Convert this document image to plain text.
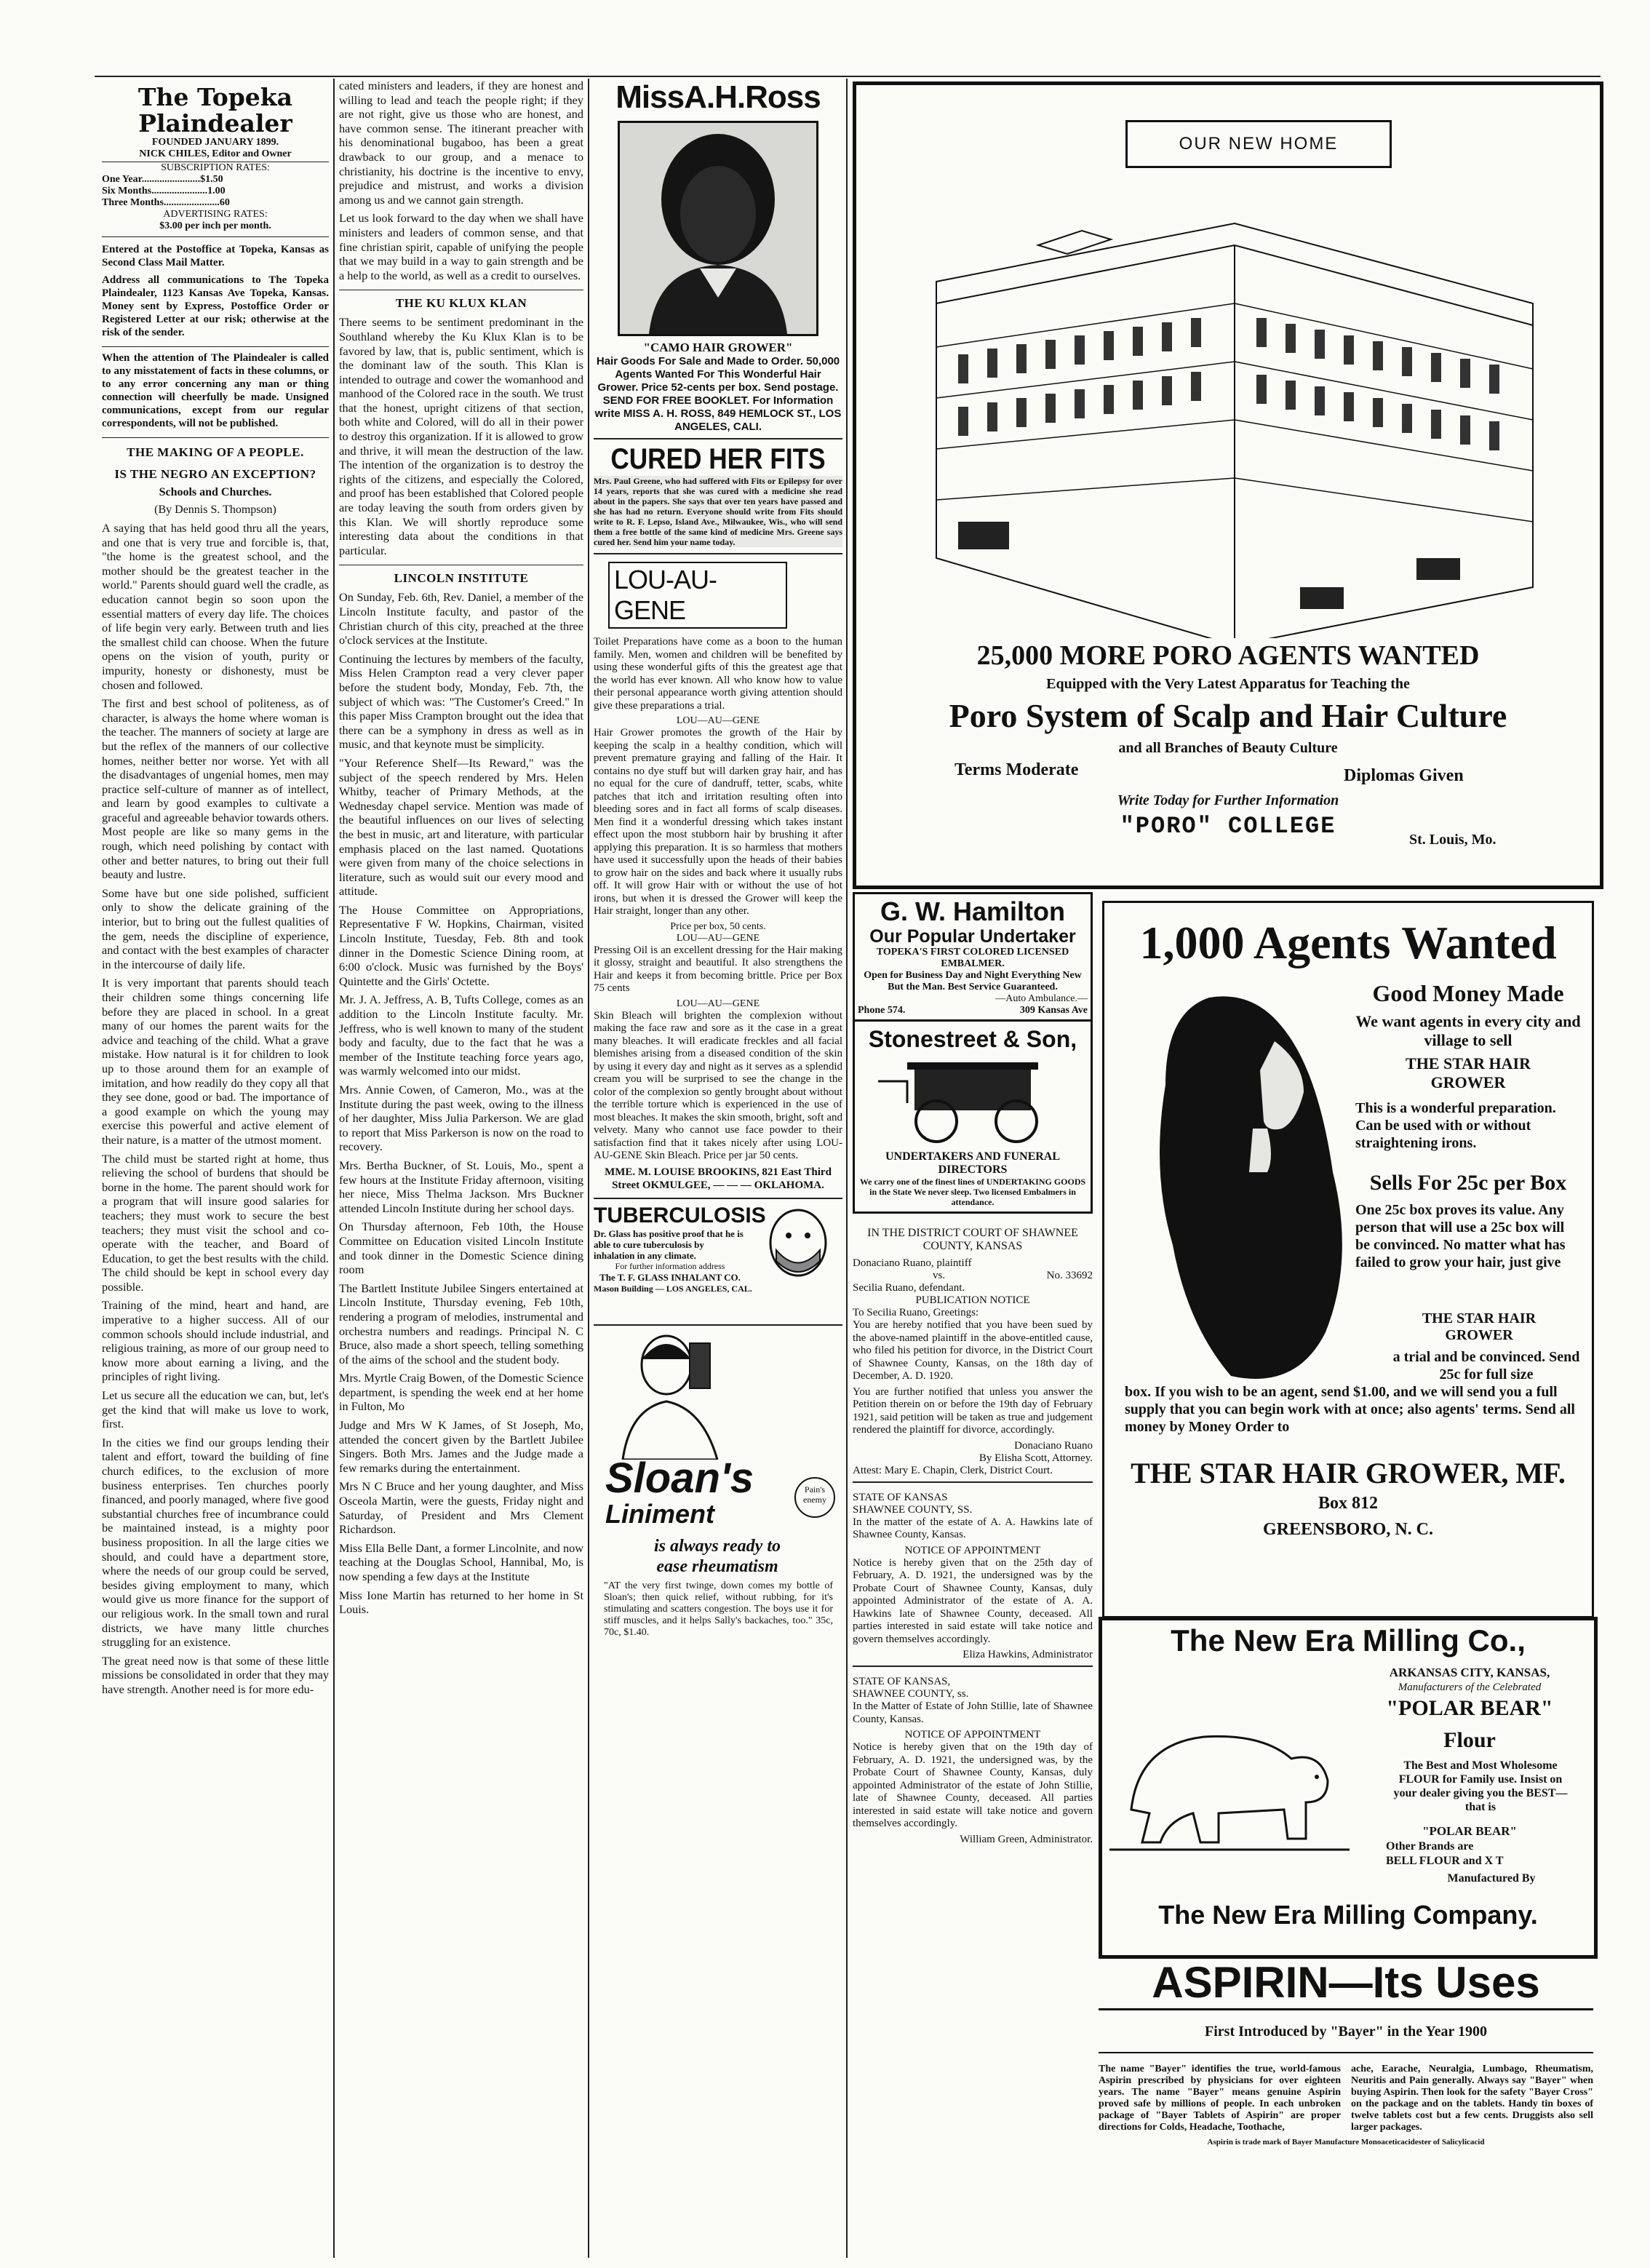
The Topeka Plaindealer
FOUNDED JANUARY 1899.
NICK CHILES, Editor and Owner
SUBSCRIPTION RATES:
One Year.......................$1.50
Six Months......................1.00
Three Months......................60
ADVERTISING RATES:
$3.00 per inch per month.

Entered at the Postoffice at Topeka, Kansas as Second Class Mail Matter.

Address all communications to The Topeka Plaindealer, 1123 Kansas Ave Topeka, Kansas. Money sent by Express, Postoffice Order or Registered Letter at our risk; otherwise at the risk of the sender.

When the attention of The Plaindealer is called to any misstatement of facts in these columns, or to any error concerning any man or thing connection will cheerfully be made. Unsigned communications, except from our regular correspondents, will not be published.

THE MAKING OF A PEOPLE.
IS THE NEGRO AN EXCEPTION?
Schools and Churches.
(By Dennis S. Thompson)

A saying that has held good thru all the years, and one that is very true and forcible is, that, "the home is the greatest school, and the mother should be the greatest teacher in the world." Parents should guard well the cradle, as education cannot begin so soon upon the essential matters of every day life. The choices of life begin very early. Between truth and lies the smallest child can choose. When the future opens on the vision of youth, purity or impurity, honesty or dishonesty, must be chosen and followed.

The first and best school of politeness, as of character, is always the home where woman is the teacher. The manners of society at large are but the reflex of the manners of our collective homes, neither better nor worse. Yet with all the disadvantages of ungenial homes, men may practice self-culture of manner as of intellect, and learn by good examples to cultivate a graceful and agreeable behavior towards others. Most people are like so many gems in the rough, which need polishing by contact with other and better natures, to bring out their full beauty and lustre.

Some have but one side polished, sufficient only to show the delicate graining of the interior, but to bring out the fullest qualities of the gem, needs the discipline of experience, and contact with the best examples of character in the intercourse of daily life.

It is very important that parents should teach their children some things concerning life before they are placed in school. In a great many of our homes the parent waits for the advice and teaching of the child. What a grave mistake. How natural is it for children to look up to those around them for an example of imitation, and how readily do they copy all that they see done, good or bad. The importance of a good example on which the young may exercise this powerful and active element of their nature, is a matter of the utmost moment.

The child must be started right at home, thus relieving the school of burdens that should be borne in the home. The parent should work for a program that will insure good salaries for teachers; they must work to secure the best teachers; they must visit the school and co-operate with the teacher, and Board of Education, to get the best results with the child. The child should be kept in school every day possible.

Training of the mind, heart and hand, are imperative to a higher success. All of our common schools should include industrial, and religious training, as more of our group need to know more about earning a living, and the principles of right living.

Let us secure all the education we can, but, let's get the kind that will make us love to work, first.

In the cities we find our groups lending their talent and effort, toward the building of fine church edifices, to the exclusion of more business enterprises. Ten churches poorly financed, and poorly managed, where five good substantial churches free of incumbrance could be maintained instead, is a mighty poor business proposition. In all the large cities we should, and could have a department store, where the needs of our group could be served, besides giving employment to many, which would give us more finance for the support of our religious work. In the small town and rural districts, we have many little churches struggling for an existence.

The great need now is that some of these little missions be consolidated in order that they may have strength. Another need is for more edu-

cated ministers and leaders, if they are honest and willing to lead and teach the people right; if they are not right, give us those who are honest, and have common sense. The itinerant preacher with his denominational bugaboo, has been a great drawback to our group, and a menace to christianity, his doctrine is the incentive to envy, prejudice and mistrust, and works a division among us and we cannot gain strength.

Let us look forward to the day when we shall have ministers and leaders of common sense, and that fine christian spirit, capable of unifying the people that we may build in a way to gain strength and be a help to the world, as well as a credit to ourselves.

THE KU KLUX KLAN

There seems to be sentiment predominant in the Southland whereby the Ku Klux Klan is to be favored by law, that is, public sentiment, which is the dominant law of the south. This Klan is intended to outrage and cower the womanhood and manhood of the Colored race in the south. We trust that the honest, upright citizens of that section, both white and Colored, will do all in their power to destroy this organization. If it is allowed to grow and thrive, it will mean the destruction of the law. The intention of the organization is to destroy the rights of the citizens, and especially the Colored, and proof has been established that Colored people are today leaving the south from orders given by this Klan. We will shortly reproduce some interesting data about the conditions in that particular.

LINCOLN INSTITUTE

On Sunday, Feb. 6th, Rev. Daniel, a member of the Lincoln Institute faculty, and pastor of the Christian church of this city, preached at the three o'clock services at the Institute.

Continuing the lectures by members of the faculty, Miss Helen Crampton read a very clever paper before the student body, Monday, Feb. 7th, the subject of which was: "The Customer's Creed." In this paper Miss Crampton brought out the idea that there can be a symphony in dress as well as in music, and that keynote must be simplicity.

"Your Reference Shelf—Its Reward," was the subject of the speech rendered by Mrs. Helen Whitby, teacher of Primary Methods, at the Wednesday chapel service. Mention was made of the beautiful influences on our lives of selecting the best in music, art and literature, with particular emphasis placed on the last named. Quotations were given from many of the choice selections in literature, such as would suit our every mood and attitude.

The House Committee on Appropriations, Representative F W. Hopkins, Chairman, visited Lincoln Institute, Tuesday, Feb. 8th and took dinner in the Domestic Science Dining room, at 6:00 o'clock. Music was furnished by the Boys' Quintette and the Girls' Octette.

Mr. J. A. Jeffress, A. B, Tufts College, comes as an addition to the Lincoln Institute faculty. Mr. Jeffress, who is well known to many of the student body and faculty, due to the fact that he was a member of the Institute teaching force years ago, was warmly welcomed into our midst.

Mrs. Annie Cowen, of Cameron, Mo., was at the Institute during the past week, owing to the illness of her daughter, Miss Julia Parkerson. We are glad to report that Miss Parkerson is now on the road to recovery.

Mrs. Bertha Buckner, of St. Louis, Mo., spent a few hours at the Institute Friday afternoon, visiting her niece, Miss Thelma Jackson. Mrs Buckner attended Lincoln Institute during her school days.

On Thursday afternoon, Feb 10th, the House Committee on Education visited Lincoln Institute and took dinner in the Domestic Science dining room

The Bartlett Institute Jubilee Singers entertained at Lincoln Institute, Thursday evening, Feb 10th, rendering a program of melodies, instrumental and orchestra numbers and readings. Principal N. C Bruce, also made a short speech, telling something of the aims of the school and the student body.

Mrs. Myrtle Craig Bowen, of the Domestic Science department, is spending the week end at her home in Fulton, Mo

Judge and Mrs W K James, of St Joseph, Mo, attended the concert given by the Bartlett Jubilee Singers. Both Mrs. James and the Judge made a few remarks during the entertainment.

Mrs N C Bruce and her young daughter, and Miss Osceola Martin, were the guests, Friday night and Saturday, of President and Mrs Clement Richardson.

Miss Ella Belle Dant, a former Lincolnite, and now teaching at the Douglas School, Hannibal, Mo, is now spending a few days at the Institute

Miss Ione Martin has returned to her home in St Louis.

MissA.H.Ross
"CAMO HAIR GROWER"
Hair Goods For Sale and Made to Order. 50,000 Agents Wanted For This Wonderful Hair Grower. Price 52-cents per box. Send postage. SEND FOR FREE BOOKLET. For Information write MISS A. H. ROSS, 849 HEMLOCK ST., LOS ANGELES, CALI.
CURED HER FITS
Mrs. Paul Greene, who had suffered with Fits or Epilepsy for over 14 years, reports that she was cured with a medicine she read about in the papers. She says that over ten years have passed and she has had no return. Everyone should write from Fits should write to R. F. Lepso, Island Ave., Milwaukee, Wis., who will send them a free bottle of the same kind of medicine Mrs. Greene says cured her. Send him your name today.
LOU-AU-GENE

Toilet Preparations have come as a boon to the human family. Men, women and children will be benefited by using these wonderful gifts of this the greatest age that the world has ever known. All who know how to value their personal appearance worth giving attention should give these preparations a trial.

LOU—AU—GENE

Hair Grower promotes the growth of the Hair by keeping the scalp in a healthy condition, which will prevent premature graying and falling of the Hair. It contains no dye stuff but will darken gray hair, and has no equal for the cure of dandruff, tetter, scabs, white patches that itch and irritation resulting often into bleeding sores and in fact all forms of scalp diseases. Men find it a wonderful dressing which takes instant effect upon the most stubborn hair by brushing it after applying this preparation. It is so harmless that mothers have used it successfully upon the heads of their babies to grow hair on the sides and back where it usually rubs off. It will grow Hair with or without the use of hot irons, but when it is dressed the Grower will keep the Hair straight, longer than any other.

Price per box, 50 cents.
LOU—AU—GENE

Pressing Oil is an excellent dressing for the Hair making it glossy, straight and beautiful. It also strengthens the Hair and keeps it from becoming brittle. Price per Box 75 cents

LOU—AU—GENE

Skin Bleach will brighten the complexion without making the face raw and sore as it the case in a great many bleaches. It will eradicate freckles and all facial blemishes arising from a diseased condition of the skin by using it every day and night as it serves as a splendid cream you will be surprised to see the change in the color of the complexion so gently brought about without the terrible torture which is experienced in the use of most bleaches. It makes the skin smooth, bright, soft and velvety. Many who cannot use face powder to their satisfaction find that it takes nicely after using LOU-AU-GENE Skin Bleach. Price per jar 50 cents.

MME. M. LOUISE BROOKINS, 821 East Third Street OKMULGEE, — — — OKLAHOMA.
TUBERCULOSIS
Dr. Glass has positive proof that he is able to cure tuberculosis by inhalation in any climate.
For further information address
The T. F. GLASS INHALANT CO.
Mason Building — LOS ANGELES, CAL.
Sloan's
Liniment
Pain's enemy
is always ready to
ease rheumatism
"AT the very first twinge, down comes my bottle of Sloan's; then quick relief, without rubbing, for it's stimulating and scatters congestion. The boys use it for stiff muscles, and it helps Sally's backaches, too." 35c, 70c, $1.40.
OUR NEW HOME
25,000 MORE PORO AGENTS WANTED
Equipped with the Very Latest Apparatus for Teaching the
Poro System of Scalp and Hair Culture
and all Branches of Beauty Culture
Terms Moderate	Diplomas Given
Write Today for Further Information
"PORO" COLLEGE	St. Louis, Mo.
G. W. Hamilton
Our Popular Undertaker
TOPEKA'S FIRST COLORED LICENSED EMBALMER.
Open for Business Day and Night Everything New But the Man. Best Service Guaranteed.
—Auto Ambulance.—
Phone 574.	309 Kansas Ave
Stonestreet & Son,
UNDERTAKERS AND FUNERAL DIRECTORS
We carry one of the finest lines of UNDERTAKING GOODS in the State We never sleep. Two licensed Embalmers in attendance.
IN THE DISTRICT COURT OF SHAWNEE COUNTY, KANSAS
Donaciano Ruano, plaintiff
vs.	No. 33692
Secilia Ruano, defendant.
PUBLICATION NOTICE
To Secilia Ruano, Greetings:

You are hereby notified that you have been sued by the above-named plaintiff in the above-entitled cause, who filed his petition for divorce, in the District Court of Shawnee County, Kansas, on the 18th day of December, A. D. 1920.

You are further notified that unless you answer the Petition therein on or before the 19th day of February 1921, said petition will be taken as true and judgement rendered the plaintiff for divorce, accordingly.

Donaciano Ruano
By Elisha Scott, Attorney.
Attest: Mary E. Chapin, Clerk, District Court.
STATE OF KANSAS
SHAWNEE COUNTY, SS.

In the matter of the estate of A. A. Hawkins late of Shawnee County, Kansas.

NOTICE OF APPOINTMENT

Notice is hereby given that on the 25th day of February, A. D. 1921, the undersigned was by the Probate Court of Shawnee County, Kansas, duly appointed Administrator of the estate of A. A. Hawkins late of Shawnee County, deceased. All parties interested in said estate will take notice and govern themselves accordingly.

Eliza Hawkins, Administrator
STATE OF KANSAS,
SHAWNEE COUNTY, ss.

In the Matter of Estate of John Stillie, late of Shawnee County, Kansas.

NOTICE OF APPOINTMENT

Notice is hereby given that on the 19th day of February, A. D. 1921, the undersigned was, by the Probate Court of Shawnee County, Kansas, duly appointed Administrator of the estate of John Stillie, late of Shawnee County, deceased. All parties interested in said estate will take notice and govern themselves accordingly.

William Green, Administrator.
1,000 Agents Wanted
Good Money Made
We want agents in every city and village to sell
THE STAR HAIR GROWER
This is a wonderful preparation. Can be used with or without straightening irons.
Sells For 25c per Box
One 25c box proves its value. Any person that will use a 25c box will be convinced. No matter what has failed to grow your hair, just give
THE STAR HAIR GROWER
a trial and be convinced. Send 25c for full size
box. If you wish to be an agent, send $1.00, and we will send you a full supply that you can begin work with at once; also agents' terms. Send all money by Money Order to
THE STAR HAIR GROWER, MF.
Box 812
GREENSBORO, N. C.
The New Era Milling Co.,
ARKANSAS CITY, KANSAS,
Manufacturers of the Celebrated
"POLAR BEAR"
Flour
The Best and Most Wholesome FLOUR for Family use. Insist on your dealer giving you the BEST—that is
"POLAR BEAR"
Other Brands are
BELL FLOUR and X T
Manufactured By
The New Era Milling Company.
ASPIRIN—Its Uses
First Introduced by "Bayer" in the Year 1900
The name "Bayer" identifies the true, world-famous Aspirin prescribed by physicians for over eighteen years. The name "Bayer" means genuine Aspirin proved safe by millions of people. In each unbroken package of "Bayer Tablets of Aspirin" are proper directions for Colds, Headache, Toothache,
ache, Earache, Neuralgia, Lumbago, Rheumatism, Neuritis and Pain generally. Always say "Bayer" when buying Aspirin. Then look for the safety "Bayer Cross" on the package and on the tablets. Handy tin boxes of twelve tablets cost but a few cents. Druggists also sell larger packages.
Aspirin is trade mark of Bayer Manufacture Monoaceticacidester of Salicylicacid
